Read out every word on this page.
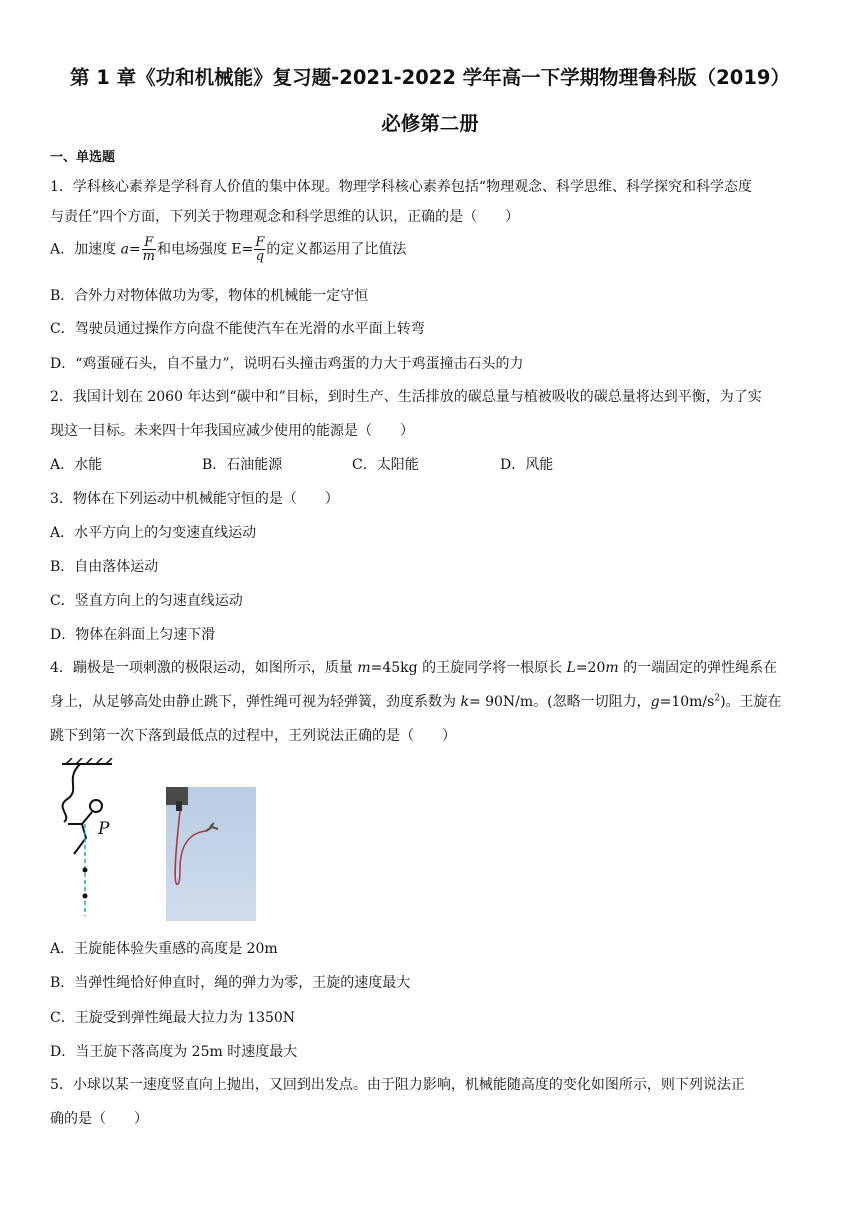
第 1 章《功和机械能》复习题-2021-2022 学年高一下学期物理鲁科版（2019）
必修第二册
一、单选题
1．学科核心素养是学科育人价值的集中体现。物理学科核心素养包括“物理观念、科学思维、科学探究和科学态度
与责任”四个方面，下列关于物理观念和科学思维的认识，正确的是（　　）
A．加速度 $a= \frac{F}{m}$ 和电场强度 $E= \frac{F}{q}$ 的定义都运用了比值法
B．合外力对物体做功为零，物体的机械能一定守恒
C．驾驶员通过操作方向盘不能使汽车在光滑的水平面上转弯
D．“鸡蛋碰石头，自不量力”，说明石头撞击鸡蛋的力大于鸡蛋撞击石头的力
2．我国计划在 2060 年达到“碳中和”目标，到时生产、生活排放的碳总量与植被吸收的碳总量将达到平衡，为了实
现这一目标。未来四十年我国应减少使用的能源是（　　）
A．水能	B．石油能源	C．太阳能	D．风能
3．物体在下列运动中机械能守恒的是（　　）
A．水平方向上的匀变速直线运动
B．自由落体运动
C．竖直方向上的匀速直线运动
D．物体在斜面上匀速下滑
4．蹦极是一项刺激的极限运动，如图所示，质量 m=45kg 的王旋同学将一根原长 L=20m 的一端固定的弹性绳系在
身上，从足够高处由静止跳下，弹性绳可视为轻弹簧，劲度系数为 k= 90N/m。(忽略一切阻力，$g=10m/s^2$)。王旋在
跳下到第一次下落到最低点的过程中，王列说法正确的是（　　）
P
A．王旋能体验失重感的高度是 20m
B．当弹性绳恰好伸直时，绳的弹力为零，王旋的速度最大
C．王旋受到弹性绳最大拉力为 1350N
D．当王旋下落高度为 25m 时速度最大
5．小球以某一速度竖直向上抛出，又回到出发点。由于阻力影响，机械能随高度的变化如图所示，则下列说法正
确的是（　　）
